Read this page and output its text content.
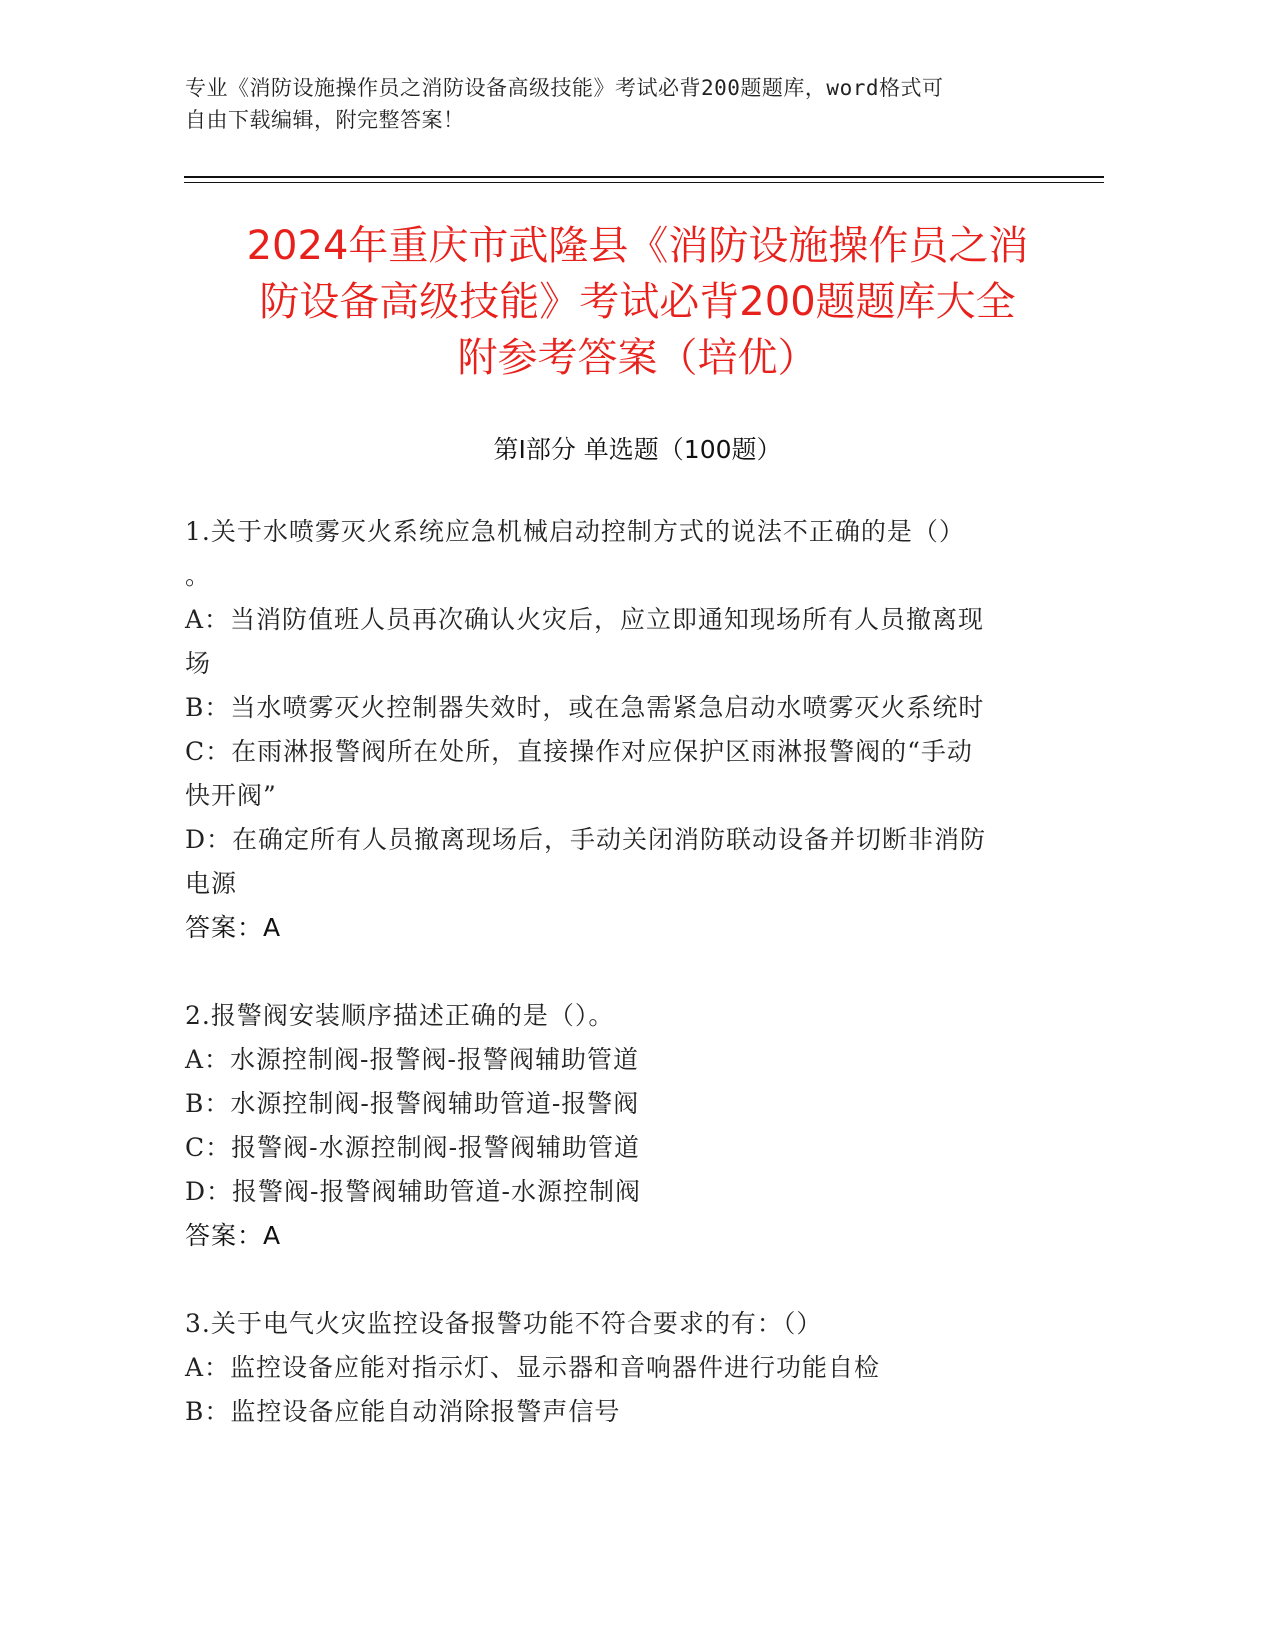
专业《消防设施操作员之消防设备高级技能》考试必背200题题库，word格式可
自由下载编辑，附完整答案！
2024年重庆市武隆县《消防设施操作员之消
防设备高级技能》考试必背200题题库大全
附参考答案（培优）
第I部分 单选题（100题）
1.关于水喷雾灭火系统应急机械启动控制方式的说法不正确的是（）
。
A：当消防值班人员再次确认火灾后，应立即通知现场所有人员撤离现
场
B：当水喷雾灭火控制器失效时，或在急需紧急启动水喷雾灭火系统时
C：在雨淋报警阀所在处所，直接操作对应保护区雨淋报警阀的“手动
快开阀”
D：在确定所有人员撤离现场后，手动关闭消防联动设备并切断非消防
电源
答案：A
2.报警阀安装顺序描述正确的是（）。
A：水源控制阀-报警阀-报警阀辅助管道
B：水源控制阀-报警阀辅助管道-报警阀
C：报警阀-水源控制阀-报警阀辅助管道
D：报警阀-报警阀辅助管道-水源控制阀
答案：A
3.关于电气火灾监控设备报警功能不符合要求的有：（）
A：监控设备应能对指示灯、显示器和音响器件进行功能自检
B：监控设备应能自动消除报警声信号
